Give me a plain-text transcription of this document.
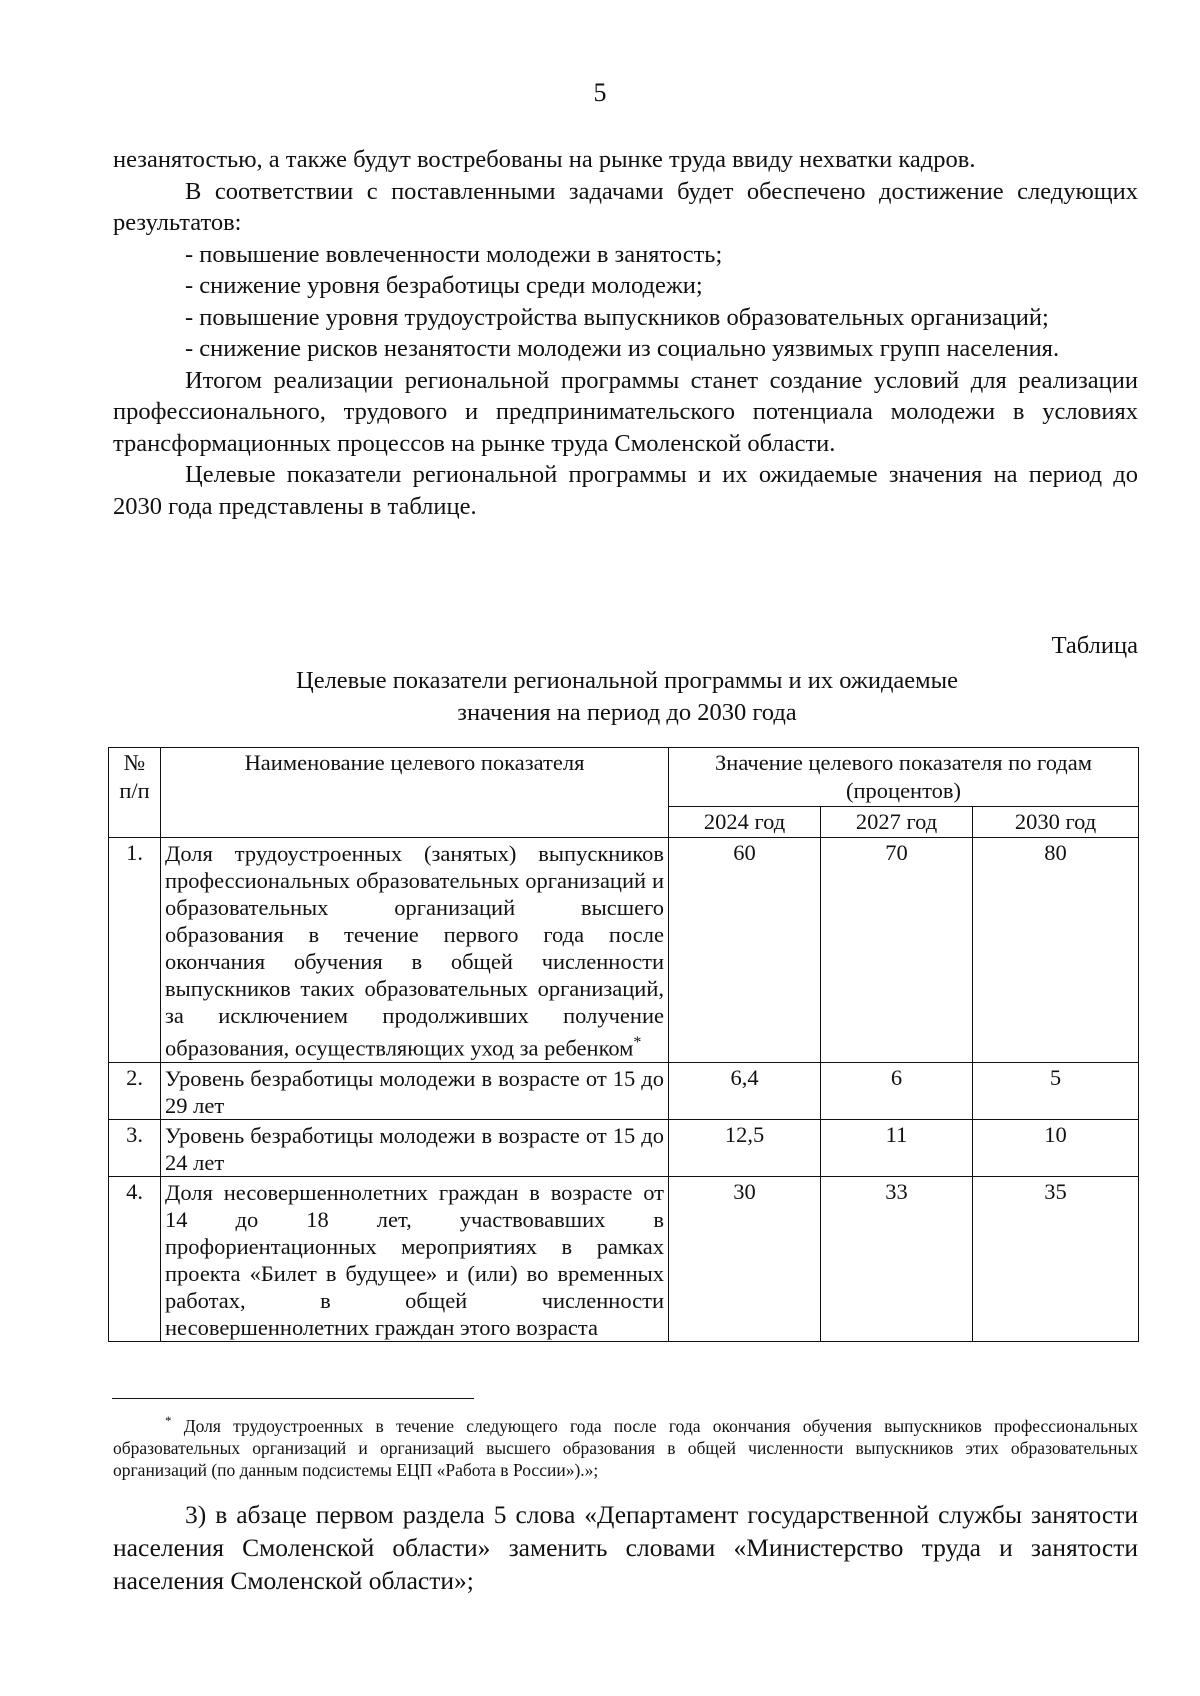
5

незанятостью, а также будут востребованы на рынке труда ввиду нехватки кадров.

В соответствии с поставленными задачами будет обеспечено достижение следующих результатов:

- повышение вовлеченности молодежи в занятость;

- снижение уровня безработицы среди молодежи;

- повышение уровня трудоустройства выпускников образовательных организаций;

- снижение рисков незанятости молодежи из социально уязвимых групп населения.

Итогом реализации региональной программы станет создание условий для реализации профессионального, трудового и предпринимательского потенциала молодежи в условиях трансформационных процессов на рынке труда Смоленской области.

Целевые показатели региональной программы и их ожидаемые значения на период до 2030 года представлены в таблице.

Таблица
Целевые показатели региональной программы и их ожидаемые
значения на период до 2030 года
№ п/п	Наименование целевого показателя	Значение целевого показателя по годам (процентов)		
		2024 год	2027 год	2030 год
1.	Доля трудоустроенных (занятых) выпускников профессиональных образовательных организаций и образовательных организаций высшего образования в течение первого года после окончания обучения в общей численности выпускников таких образовательных организаций, за исключением продолживших получение образования, осуществляющих уход за ребенком*	60	70	80
2.	Уровень безработицы молодежи в возрасте от 15 до 29 лет	6,4	6	5
3.	Уровень безработицы молодежи в возрасте от 15 до 24 лет	12,5	11	10
4.	Доля несовершеннолетних граждан в возрасте от 14 до 18 лет, участвовавших в профориентационных мероприятиях в рамках проекта «Билет в будущее» и (или) во временных работах, в общей численности несовершеннолетних граждан этого возраста	30	33	35

* Доля трудоустроенных в течение следующего года после года окончания обучения выпускников профессиональных образовательных организаций и организаций высшего образования в общей численности выпускников этих образовательных организаций (по данным подсистемы ЕЦП «Работа в России»).»;

3) в абзаце первом раздела 5 слова «Департамент государственной службы занятости населения Смоленской области» заменить словами «Министерство труда и занятости населения Смоленской области»;
